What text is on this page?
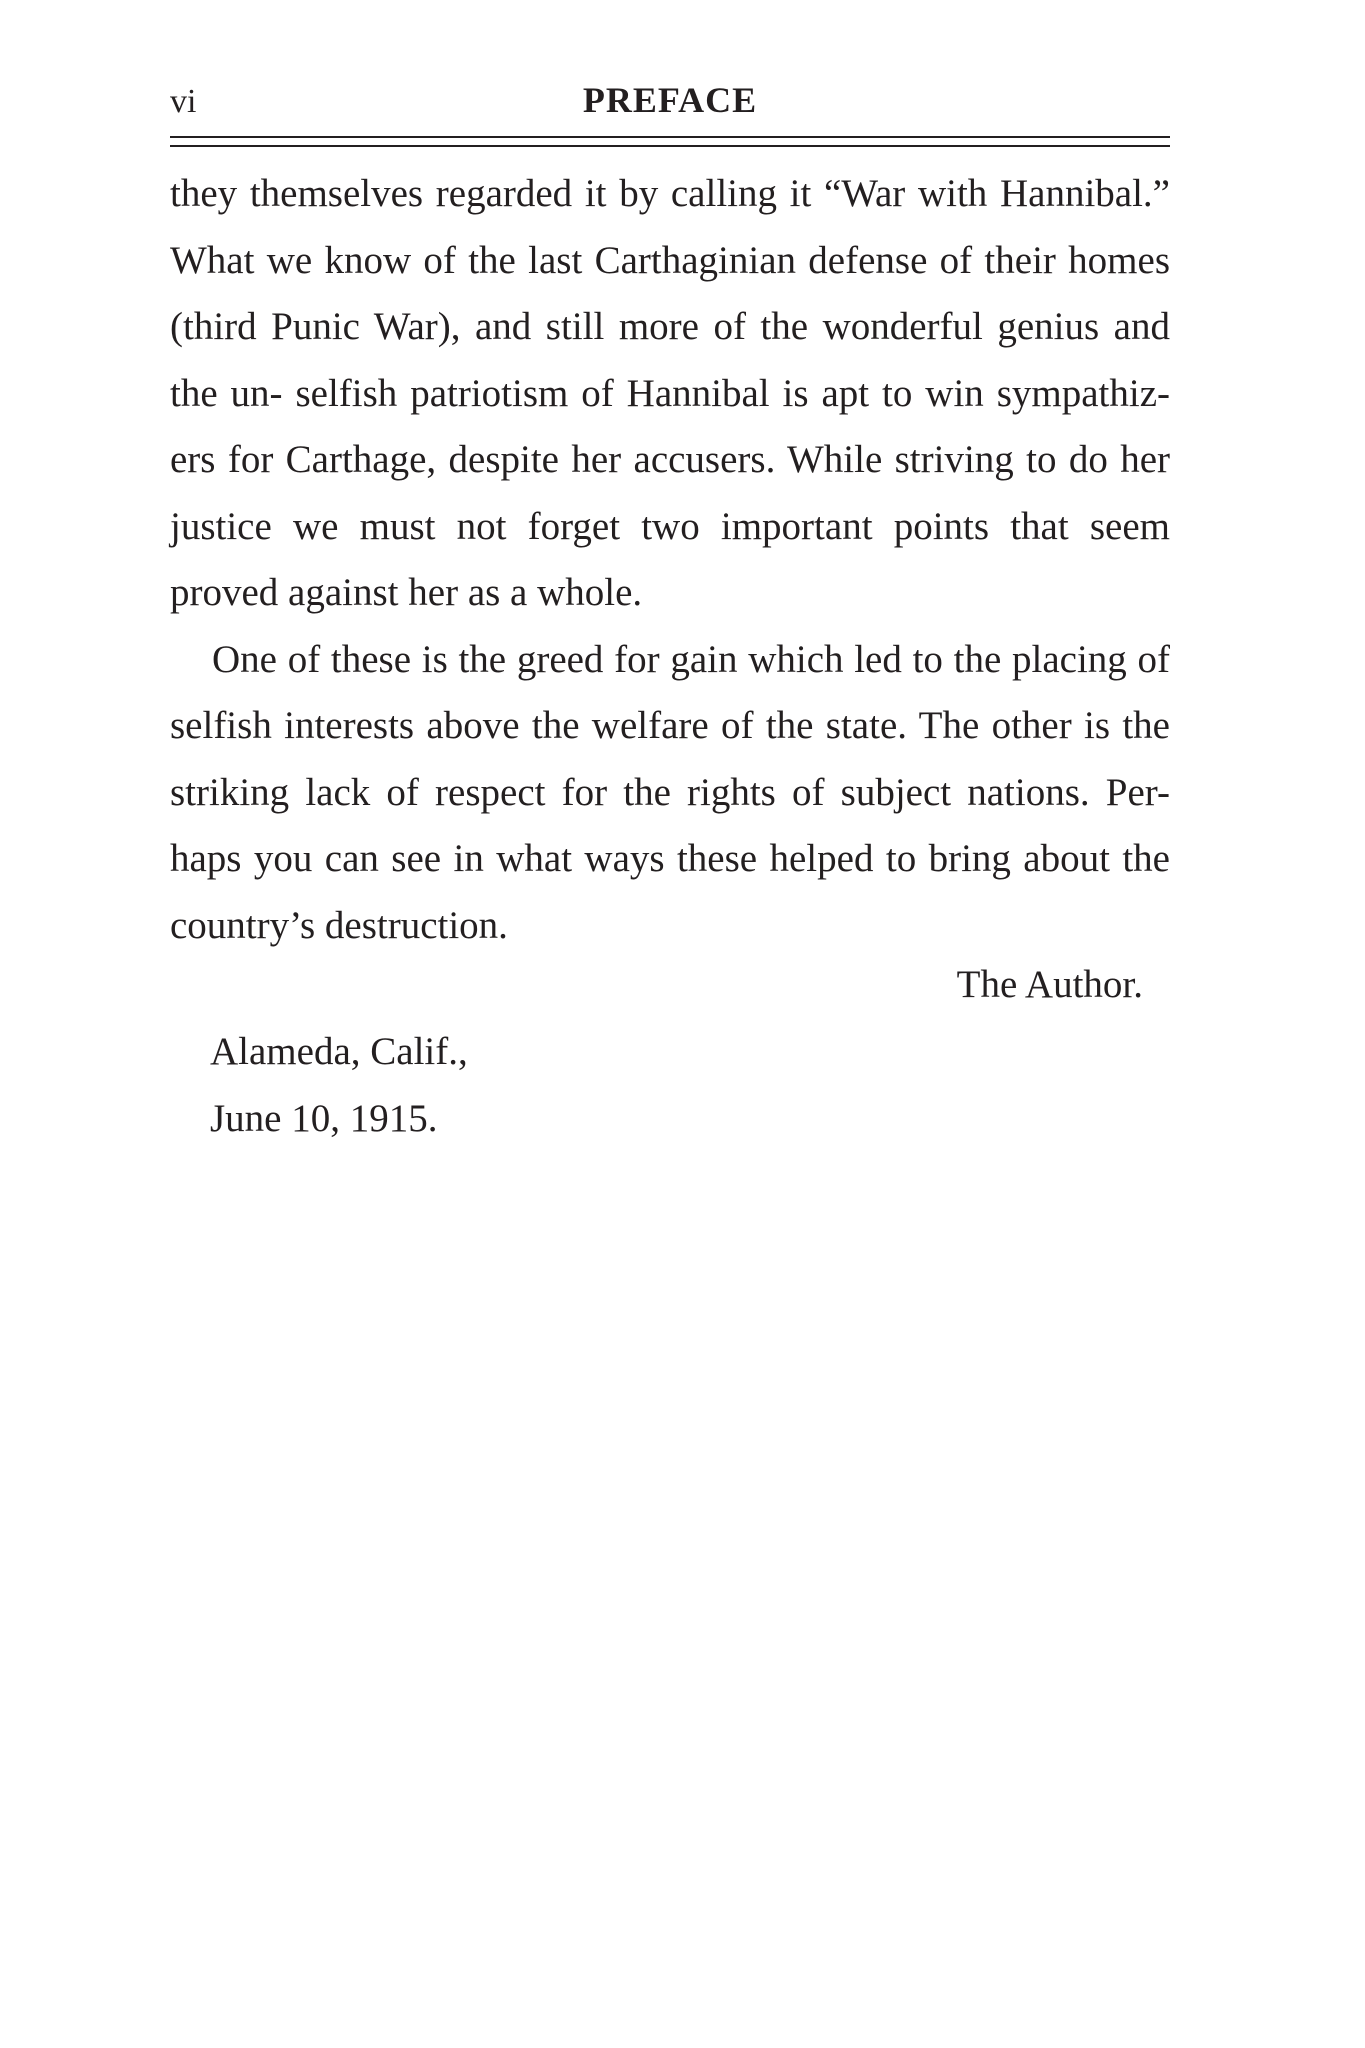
vi	PREFACE

they themselves regarded it by calling it “War with Hannibal.” What we know of the last Carthaginian defense of their homes (third Punic War), and still more of the wonderful genius and the un- selfish patriotism of Hannibal is apt to win sympathiz-ers for Carthage, despite her accusers. While striving to do her justice we must not forget two important points that seem proved against her as a whole.

One of these is the greed for gain which led to the placing of selfish interests above the welfare of the state. The other is the striking lack of respect for the rights of subject nations. Per-haps you can see in what ways these helped to bring about the country’s destruction.

The Author.
Alameda, Calif.,
June 10, 1915.
